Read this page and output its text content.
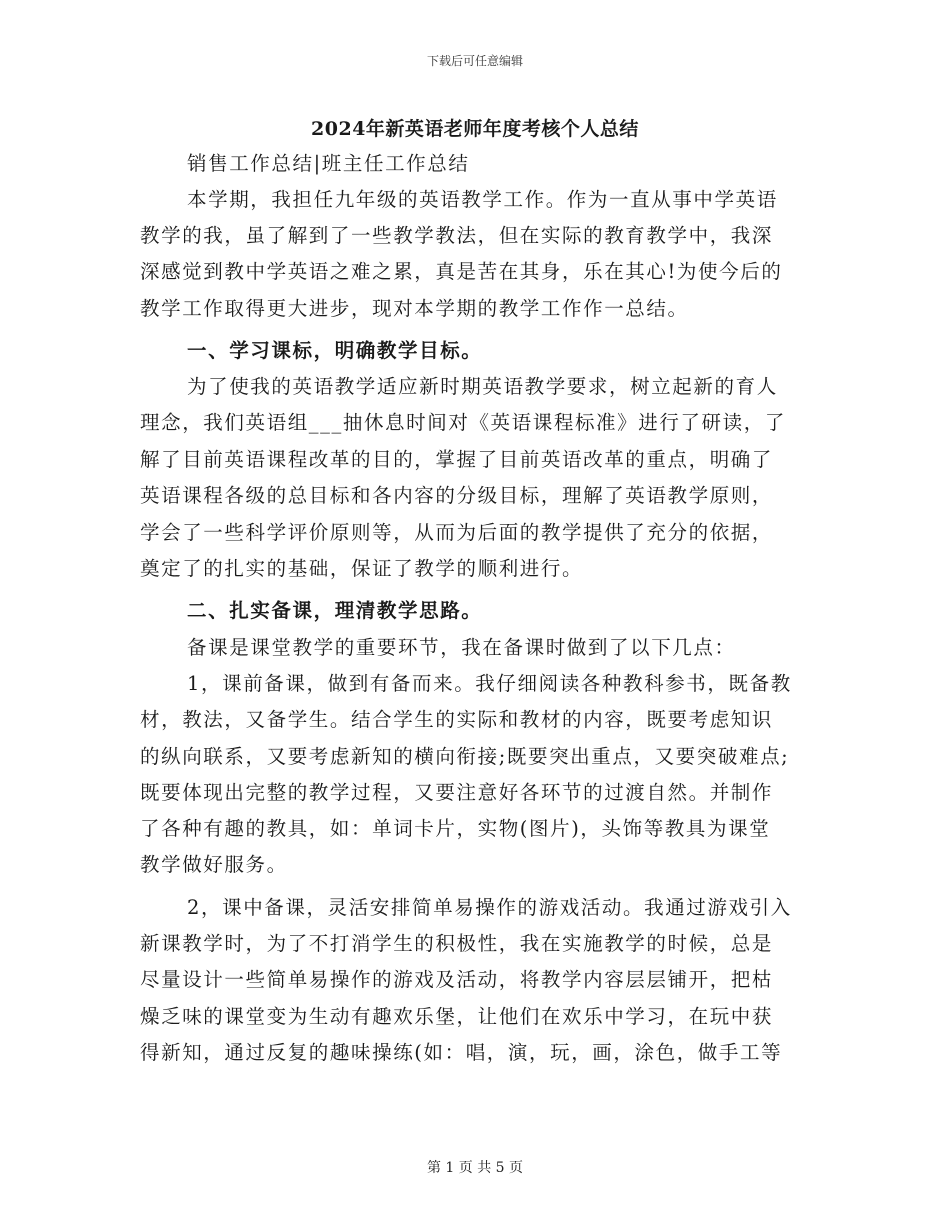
下载后可任意编辑
2024年新英语老师年度考核个人总结
销售工作总结|班主任工作总结
本学期，我担任九年级的英语教学工作。作为一直从事中学英语
教学的我，虽了解到了一些教学教法，但在实际的教育教学中，我深
深感觉到教中学英语之难之累，真是苦在其身，乐在其心!为使今后的
教学工作取得更大进步，现对本学期的教学工作作一总结。
一、学习课标，明确教学目标。
为了使我的英语教学适应新时期英语教学要求，树立起新的育人
理念，我们英语组___抽休息时间对《英语课程标准》进行了研读，了
解了目前英语课程改革的目的，掌握了目前英语改革的重点，明确了
英语课程各级的总目标和各内容的分级目标，理解了英语教学原则，
学会了一些科学评价原则等，从而为后面的教学提供了充分的依据，
奠定了的扎实的基础，保证了教学的顺利进行。
二、扎实备课，理清教学思路。
备课是课堂教学的重要环节，我在备课时做到了以下几点：
1，课前备课，做到有备而来。我仔细阅读各种教科参书，既备教
材，教法，又备学生。结合学生的实际和教材的内容，既要考虑知识
的纵向联系，又要考虑新知的横向衔接;既要突出重点，又要突破难点;
既要体现出完整的教学过程，又要注意好各环节的过渡自然。并制作
了各种有趣的教具，如：单词卡片，实物(图片)，头饰等教具为课堂
教学做好服务。
2，课中备课，灵活安排简单易操作的游戏活动。我通过游戏引入
新课教学时，为了不打消学生的积极性，我在实施教学的时候，总是
尽量设计一些简单易操作的游戏及活动，将教学内容层层铺开，把枯
燥乏味的课堂变为生动有趣欢乐堡，让他们在欢乐中学习，在玩中获
得新知，通过反复的趣味操练(如：唱，演，玩，画，涂色，做手工等
第 1 页 共 5 页
